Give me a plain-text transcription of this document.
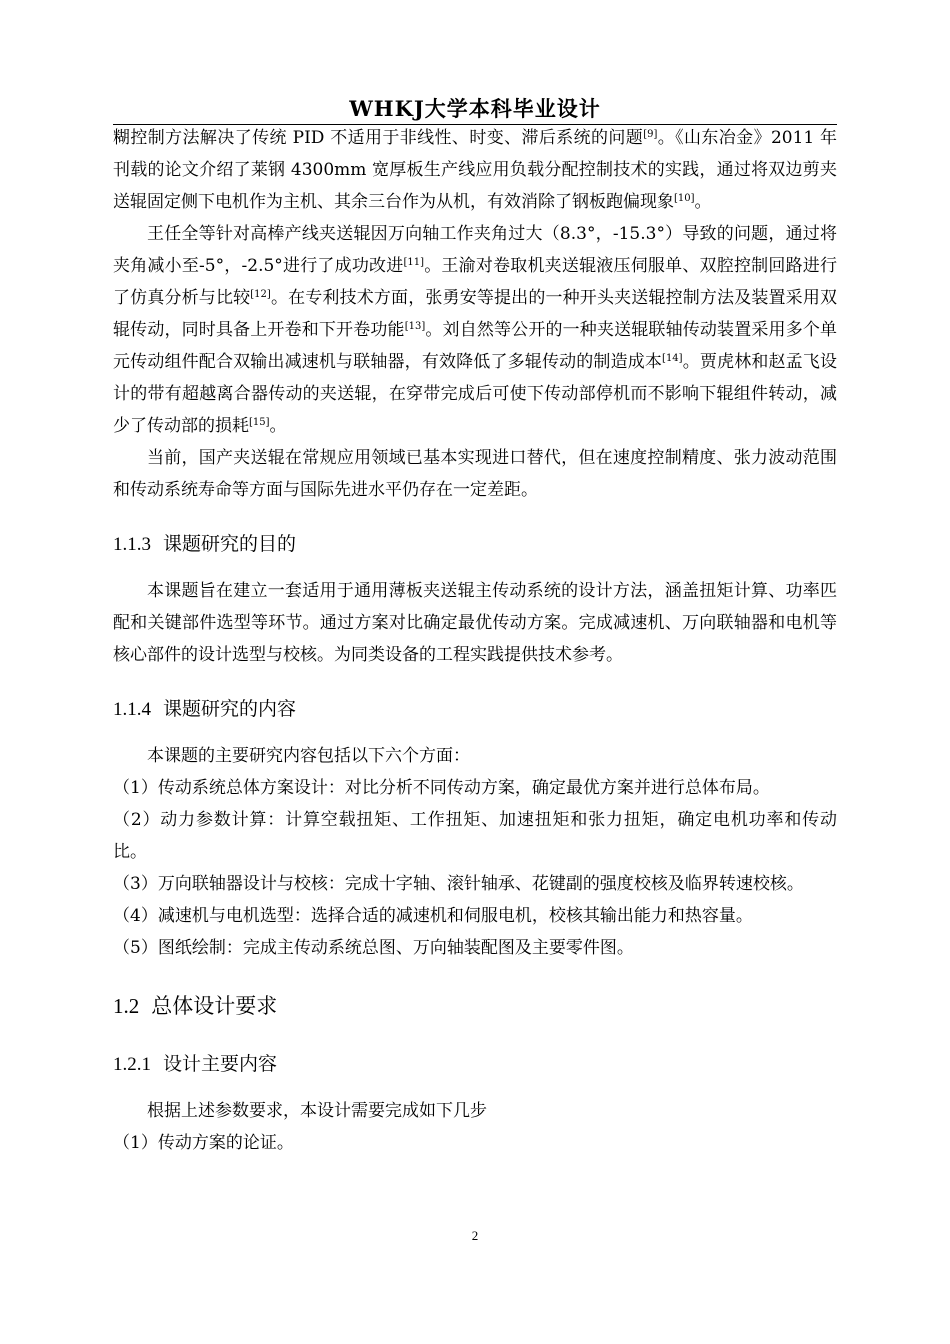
WHKJ大学本科毕业设计

糊控制方法解决了传统 PID 不适用于非线性、时变、滞后系统的问题[9]。《山东冶金》2011 年刊载的论文介绍了莱钢 4300mm 宽厚板生产线应用负载分配控制技术的实践，通过将双边剪夹送辊固定侧下电机作为主机、其余三台作为从机，有效消除了钢板跑偏现象[10]。

王任全等针对高棒产线夹送辊因万向轴工作夹角过大（8.3°，-15.3°）导致的问题，通过将夹角减小至-5°，-2.5°进行了成功改进[11]。王渝对卷取机夹送辊液压伺服单、双腔控制回路进行了仿真分析与比较[12]。在专利技术方面，张勇安等提出的一种开头夹送辊控制方法及装置采用双辊传动，同时具备上开卷和下开卷功能[13]。刘自然等公开的一种夹送辊联轴传动装置采用多个单元传动组件配合双输出减速机与联轴器，有效降低了多辊传动的制造成本[14]。贾虎林和赵孟飞设计的带有超越离合器传动的夹送辊，在穿带完成后可使下传动部停机而不影响下辊组件转动，减少了传动部的损耗[15]。

当前，国产夹送辊在常规应用领域已基本实现进口替代，但在速度控制精度、张力波动范围和传动系统寿命等方面与国际先进水平仍存在一定差距。

1.1.3 课题研究的目的

本课题旨在建立一套适用于通用薄板夹送辊主传动系统的设计方法，涵盖扭矩计算、功率匹配和关键部件选型等环节。通过方案对比确定最优传动方案。完成减速机、万向联轴器和电机等核心部件的设计选型与校核。为同类设备的工程实践提供技术参考。

1.1.4 课题研究的内容

本课题的主要研究内容包括以下六个方面：

（1）传动系统总体方案设计：对比分析不同传动方案，确定最优方案并进行总体布局。

（2）动力参数计算：计算空载扭矩、工作扭矩、加速扭矩和张力扭矩，确定电机功率和传动比。

（3）万向联轴器设计与校核：完成十字轴、滚针轴承、花键副的强度校核及临界转速校核。

（4）减速机与电机选型：选择合适的减速机和伺服电机，校核其输出能力和热容量。

（5）图纸绘制：完成主传动系统总图、万向轴装配图及主要零件图。

1.2 总体设计要求
1.2.1 设计主要内容

根据上述参数要求，本设计需要完成如下几步

（1）传动方案的论证。

2
